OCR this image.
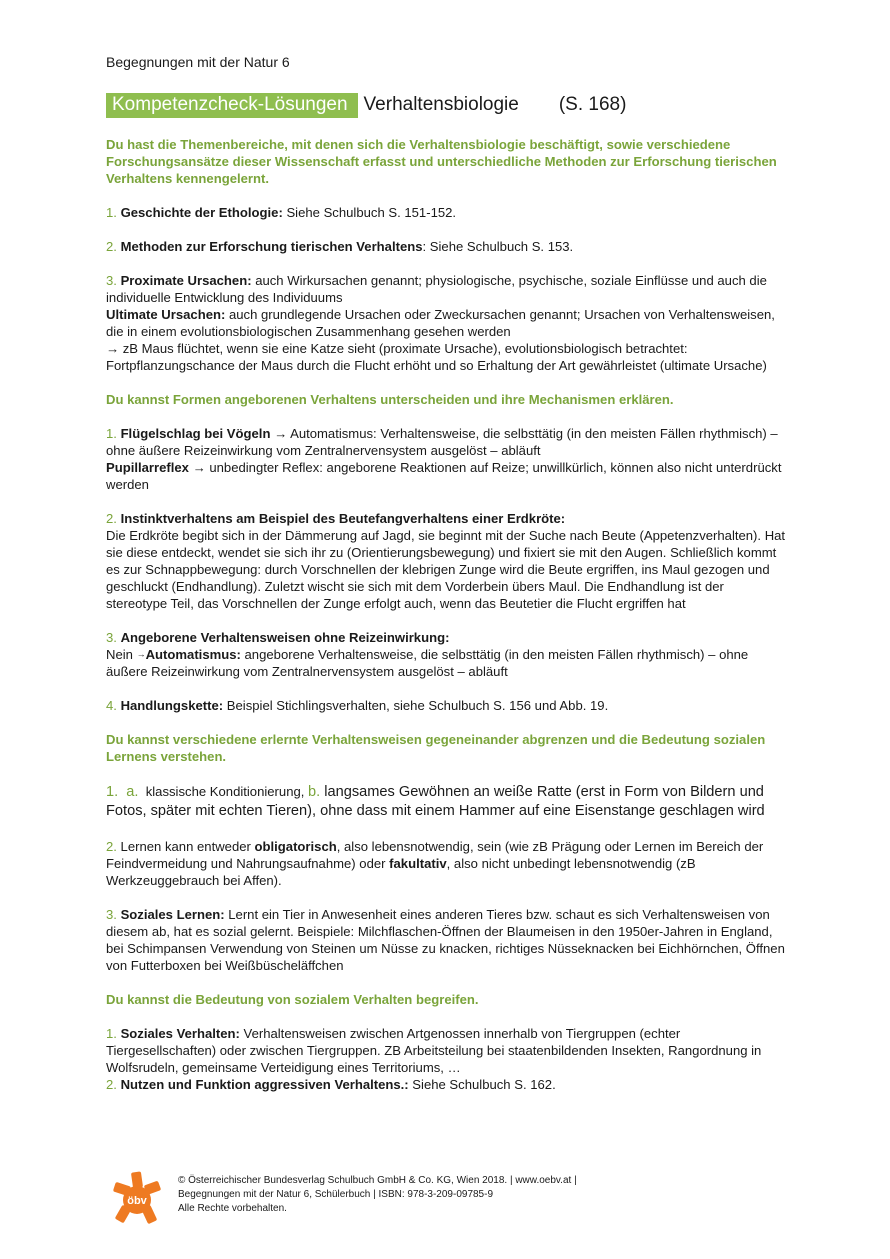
Begegnungen mit der Natur 6
Kompetenzcheck-Lösungen Verhaltensbiologie (S. 168)

Du hast die Themenbereiche, mit denen sich die Verhaltensbiologie beschäftigt, sowie verschiedene Forschungsansätze dieser Wissenschaft erfasst und unterschiedliche Methoden zur Erforschung tierischen Verhaltens kennengelernt.

1. Geschichte der Ethologie: Siehe Schulbuch S. 151-152.

2. Methoden zur Erforschung tierischen Verhaltens: Siehe Schulbuch S. 153.

3. Proximate Ursachen: auch Wirkursachen genannt; physiologische, psychische, soziale Einflüsse und auch die individuelle Entwicklung des Individuums
Ultimate Ursachen: auch grundlegende Ursachen oder Zweckursachen genannt; Ursachen von Verhaltensweisen, die in einem evolutionsbiologischen Zusammenhang gesehen werden
→ zB Maus flüchtet, wenn sie eine Katze sieht (proximate Ursache), evolutionsbiologisch betrachtet: Fortpflanzungschance der Maus durch die Flucht erhöht und so Erhaltung der Art gewährleistet (ultimate Ursache)

Du kannst Formen angeborenen Verhaltens unterscheiden und ihre Mechanismen erklären.

1. Flügelschlag bei Vögeln → Automatismus: Verhaltensweise, die selbsttätig (in den meisten Fällen rhythmisch) – ohne äußere Reizeinwirkung vom Zentralnervensystem ausgelöst – abläuft
Pupillarreflex → unbedingter Reflex: angeborene Reaktionen auf Reize; unwillkürlich, können also nicht unterdrückt werden

2. Instinktverhaltens am Beispiel des Beutefangverhaltens einer Erdkröte:
Die Erdkröte begibt sich in der Dämmerung auf Jagd, sie beginnt mit der Suche nach Beute (Appetenzverhalten). Hat sie diese entdeckt, wendet sie sich ihr zu (Orientierungsbewegung) und fixiert sie mit den Augen. Schließlich kommt es zur Schnappbewegung: durch Vorschnellen der klebrigen Zunge wird die Beute ergriffen, ins Maul gezogen und geschluckt (Endhandlung). Zuletzt wischt sie sich mit dem Vorderbein übers Maul. Die Endhandlung ist der stereotype Teil, das Vorschnellen der Zunge erfolgt auch, wenn das Beutetier die Flucht ergriffen hat

3. Angeborene Verhaltensweisen ohne Reizeinwirkung:
Nein →Automatismus: angeborene Verhaltensweise, die selbsttätig (in den meisten Fällen rhythmisch) – ohne äußere Reizeinwirkung vom Zentralnervensystem ausgelöst – abläuft

4. Handlungskette: Beispiel Stichlingsverhalten, siehe Schulbuch S. 156 und Abb. 19.

Du kannst verschiedene erlernte Verhaltensweisen gegeneinander abgrenzen und die Bedeutung sozialen Lernens verstehen.

1.  a.  klassische Konditionierung, b. langsames Gewöhnen an weiße Ratte (erst in Form von Bildern und Fotos, später mit echten Tieren), ohne dass mit einem Hammer auf eine Eisenstange geschlagen wird

2. Lernen kann entweder obligatorisch, also lebensnotwendig, sein (wie zB Prägung oder Lernen im Bereich der Feindvermeidung und Nahrungsaufnahme) oder fakultativ, also nicht unbedingt lebensnotwendig (zB Werkzeuggebrauch bei Affen).

3. Soziales Lernen: Lernt ein Tier in Anwesenheit eines anderen Tieres bzw. schaut es sich Verhaltensweisen von diesem ab, hat es sozial gelernt. Beispiele: Milchflaschen-Öffnen der Blaumeisen in den 1950er-Jahren in England, bei Schimpansen Verwendung von Steinen um Nüsse zu knacken, richtiges Nüsseknacken bei Eichhörnchen, Öffnen von Futterboxen bei Weißbüscheläffchen

Du kannst die Bedeutung von sozialem Verhalten begreifen.

1. Soziales Verhalten: Verhaltensweisen zwischen Artgenossen innerhalb von Tiergruppen (echter Tiergesellschaften) oder zwischen Tiergruppen. ZB Arbeitsteilung bei staatenbildenden Insekten, Rangordnung in Wolfsrudeln, gemeinsame Verteidigung eines Territoriums, …
2. Nutzen und Funktion aggressiven Verhaltens.: Siehe Schulbuch S. 162.

öbv
© Österreichischer Bundesverlag Schulbuch GmbH & Co. KG, Wien 2018. | www.oebv.at |
Begegnungen mit der Natur 6, Schülerbuch | ISBN: 978-3-209-09785-9
Alle Rechte vorbehalten.
